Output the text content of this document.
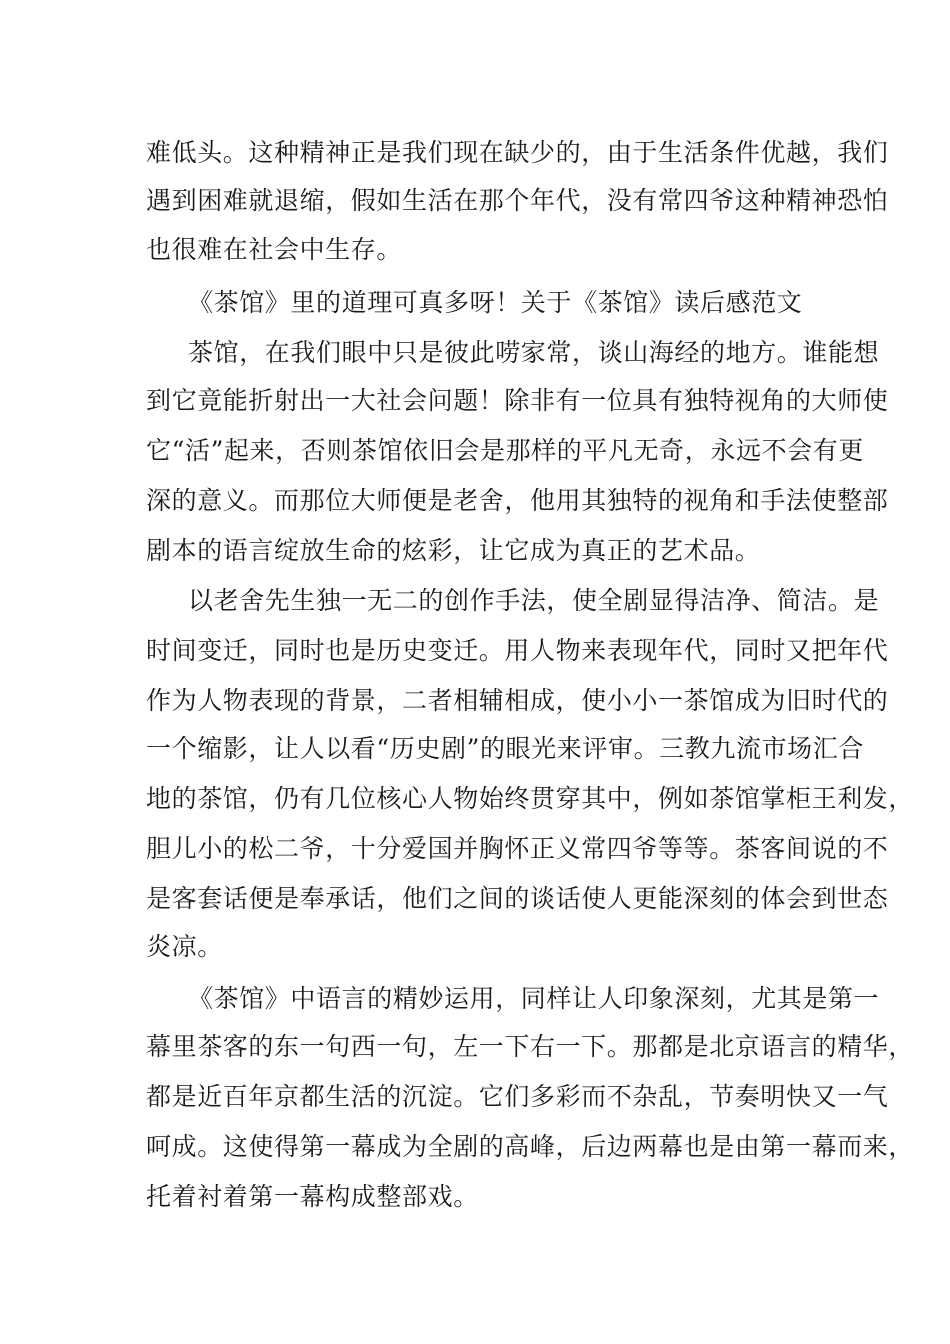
难低头。这种精神正是我们现在缺少的，由于生活条件优越，我们
遇到困难就退缩，假如生活在那个年代，没有常四爷这种精神恐怕
也很难在社会中生存。
《茶馆》里的道理可真多呀！关于《茶馆》读后感范文
茶馆，在我们眼中只是彼此唠家常，谈山海经的地方。谁能想
到它竟能折射出一大社会问题！除非有一位具有独特视角的大师使
它“活”起来，否则茶馆依旧会是那样的平凡无奇，永远不会有更
深的意义。而那位大师便是老舍，他用其独特的视角和手法使整部
剧本的语言绽放生命的炫彩，让它成为真正的艺术品。
以老舍先生独一无二的创作手法，使全剧显得洁净、简洁。是
时间变迁，同时也是历史变迁。用人物来表现年代，同时又把年代
作为人物表现的背景，二者相辅相成，使小小一茶馆成为旧时代的
一个缩影，让人以看“历史剧”的眼光来评审。三教九流市场汇合
地的茶馆，仍有几位核心人物始终贯穿其中，例如茶馆掌柜王利发，
胆儿小的松二爷，十分爱国并胸怀正义常四爷等等。茶客间说的不
是客套话便是奉承话，他们之间的谈话使人更能深刻的体会到世态
炎凉。
《茶馆》中语言的精妙运用，同样让人印象深刻，尤其是第一
幕里茶客的东一句西一句，左一下右一下。那都是北京语言的精华，
都是近百年京都生活的沉淀。它们多彩而不杂乱，节奏明快又一气
呵成。这使得第一幕成为全剧的高峰，后边两幕也是由第一幕而来，
托着衬着第一幕构成整部戏。
